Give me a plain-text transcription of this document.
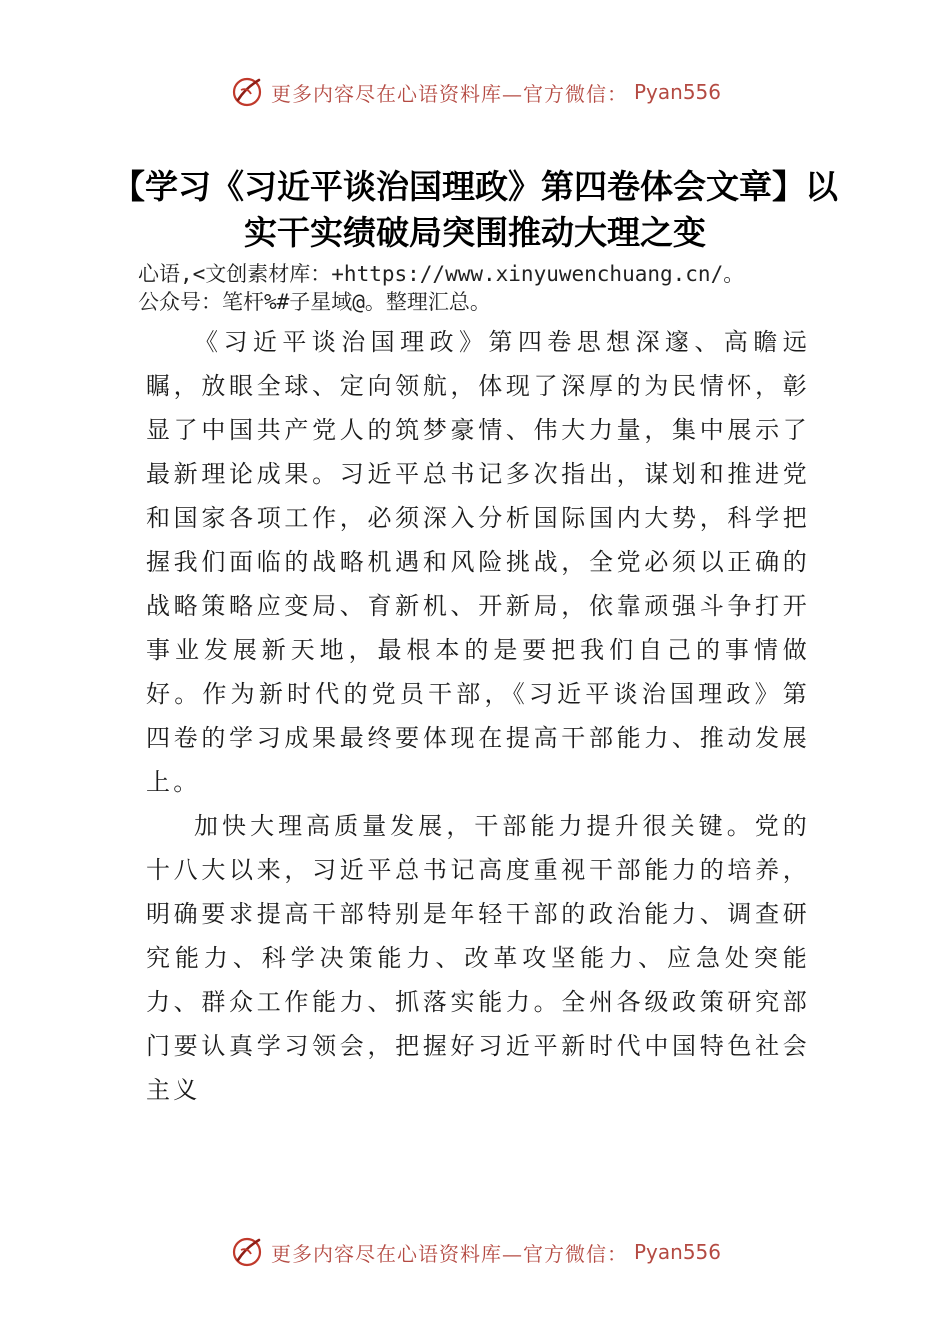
更多内容尽在心语资料库—官方微信： Pyan556
【学习《习近平谈治国理政》第四卷体会文章】以实干实绩破局突围推动大理之变
心语,<文创素材库：+https://www.xinyuwenchuang.cn/。
公众号：笔杆%#子星域@。整理汇总。

《习近平谈治国理政》第四卷思想深邃、高瞻远瞩，放眼全球、定向领航，体现了深厚的为民情怀，彰显了中国共产党人的筑梦豪情、伟大力量，集中展示了最新理论成果。习近平总书记多次指出，谋划和推进党和国家各项工作，必须深入分析国际国内大势，科学把握我们面临的战略机遇和风险挑战，全党必须以正确的战略策略应变局、育新机、开新局，依靠顽强斗争打开事业发展新天地，最根本的是要把我们自己的事情做好。作为新时代的党员干部，《习近平谈治国理政》第四卷的学习成果最终要体现在提高干部能力、推动发展上。

加快大理高质量发展，干部能力提升很关键。党的十八大以来，习近平总书记高度重视干部能力的培养，明确要求提高干部特别是年轻干部的政治能力、调查研究能力、科学决策能力、改革攻坚能力、应急处突能力、群众工作能力、抓落实能力。全州各级政策研究部门要认真学习领会，把握好习近平新时代中国特色社会主义

更多内容尽在心语资料库—官方微信： Pyan556
